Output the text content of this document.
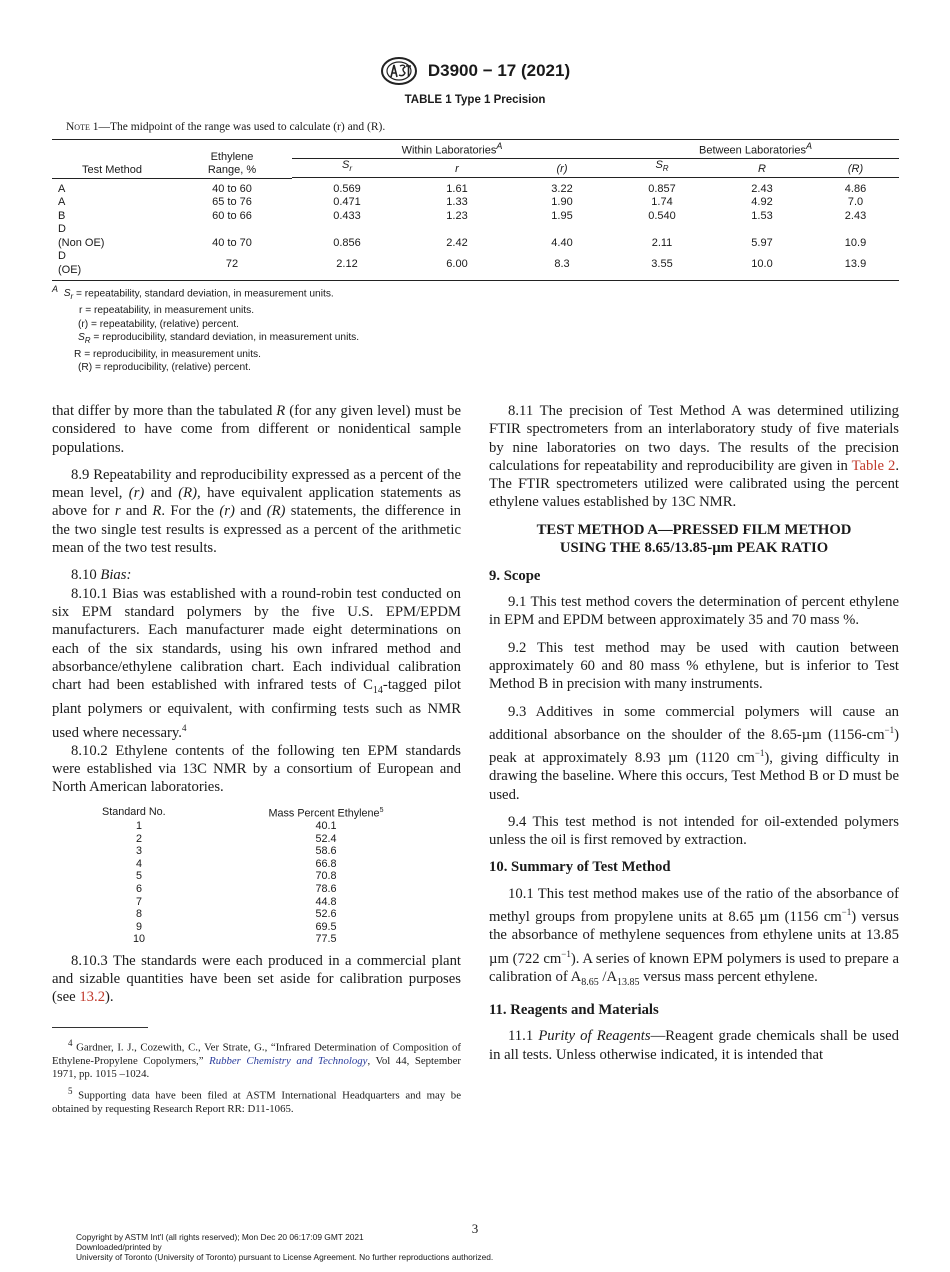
D3900 − 17 (2021)
TABLE 1 Type 1 Precision
Note 1—The midpoint of the range was used to calculate (r) and (R).
Test Method	Ethylene
Range, %	Within Laboratories$^A$			Between Laboratories$^A$
		$S_r$	r	(r)	$S_R$	R	(R)

A	40 to 60	0.569	1.61	3.22	0.857	2.43	4.86
A	65 to 76	0.471	1.33	1.90	1.74	4.92	7.0
B	60 to 66	0.433	1.23	1.95	0.540	1.53	2.43
D
(Non OE)	40 to 70	0.856	2.42	4.40	2.11	5.97	10.9
D
(OE)	72	2.12	6.00	8.3	3.55	10.0	13.9
$^A$ $S_r$ = repeatability, standard deviation, in measurement units.
r = repeatability, in measurement units.
(r) = repeatability, (relative) percent.
$S_R$ = reproducibility, standard deviation, in measurement units.
R = reproducibility, in measurement units.
(R) = reproducibility, (relative) percent.

that differ by more than the tabulated R (for any given level) must be considered to have come from different or nonidentical sample populations.

8.9 Repeatability and reproducibility expressed as a percent of the mean level, (r) and (R), have equivalent application statements as above for r and R. For the (r) and (R) statements, the difference in the two single test results is expressed as a percent of the arithmetic mean of the two test results.

8.10 Bias:

8.10.1 Bias was established with a round-robin test conducted on six EPM standard polymers by the five U.S. EPM/EPDM manufacturers. Each manufacturer made eight determinations on each of the six standards, using his own infrared method and absorbance/ethylene calibration chart. Each individual calibration chart had been established with infrared tests of $C_{14}$-tagged pilot plant polymers or equivalent, with confirming tests such as NMR used where necessary.$^4$

8.10.2 Ethylene contents of the following ten EPM standards were established via 13C NMR by a consortium of European and North American laboratories.

Standard No.	Mass Percent Ethylene$^5$
1	40.1
2	52.4
3	58.6
4	66.8
5	70.8
6	78.6
7	44.8
8	52.6
9	69.5
10	77.5

8.10.3 The standards were each produced in a commercial plant and sizable quantities have been set aside for calibration purposes (see 13.2).

$^4$ Gardner, I. J., Cozewith, C., Ver Strate, G., “Infrared Determination of Composition of Ethylene-Propylene Copolymers,” Rubber Chemistry and Technology, Vol 44, September 1971, pp. 1015 –1024.

$^5$ Supporting data have been filed at ASTM International Headquarters and may be obtained by requesting Research Report RR: D11-1065.

8.11 The precision of Test Method A was determined utilizing FTIR spectrometers from an interlaboratory study of five materials by nine laboratories on two days. The results of the precision calculations for repeatability and reproducibility are given in Table 2. The FTIR spectrometers utilized were calibrated using the percent ethylene values established by 13C NMR.

TEST METHOD A—PRESSED FILM METHOD
USING THE 8.65/13.85-µm PEAK RATIO
9. Scope

9.1 This test method covers the determination of percent ethylene in EPM and EPDM between approximately 35 and 70 mass %.

9.2 This test method may be used with caution between approximately 60 and 80 mass % ethylene, but is inferior to Test Method B in precision with many instruments.

9.3 Additives in some commercial polymers will cause an additional absorbance on the shoulder of the 8.65-µm $(1156-cm^{-1})$ peak at approximately 8.93 µm (1120 $cm^{-1}$), giving difficulty in drawing the baseline. Where this occurs, Test Method B or D must be used.

9.4 This test method is not intended for oil-extended polymers unless the oil is first removed by extraction.

10. Summary of Test Method

10.1 This test method makes use of the ratio of the absorbance of methyl groups from propylene units at 8.65 µm (1156 $cm^{-1}$) versus the absorbance of methylene sequences from ethylene units at 13.85 µm (722 $cm^{-1}$). A series of known EPM polymers is used to prepare a calibration of $A_{8.65}$ $/A_{13.85}$ versus mass percent ethylene.

11. Reagents and Materials

11.1 Purity of Reagents—Reagent grade chemicals shall be used in all tests. Unless otherwise indicated, it is intended that

3
Copyright by ASTM Int'l (all rights reserved); Mon Dec 20 06:17:09 GMT 2021
Downloaded/printed by
University of Toronto (University of Toronto) pursuant to License Agreement. No further reproductions authorized.
